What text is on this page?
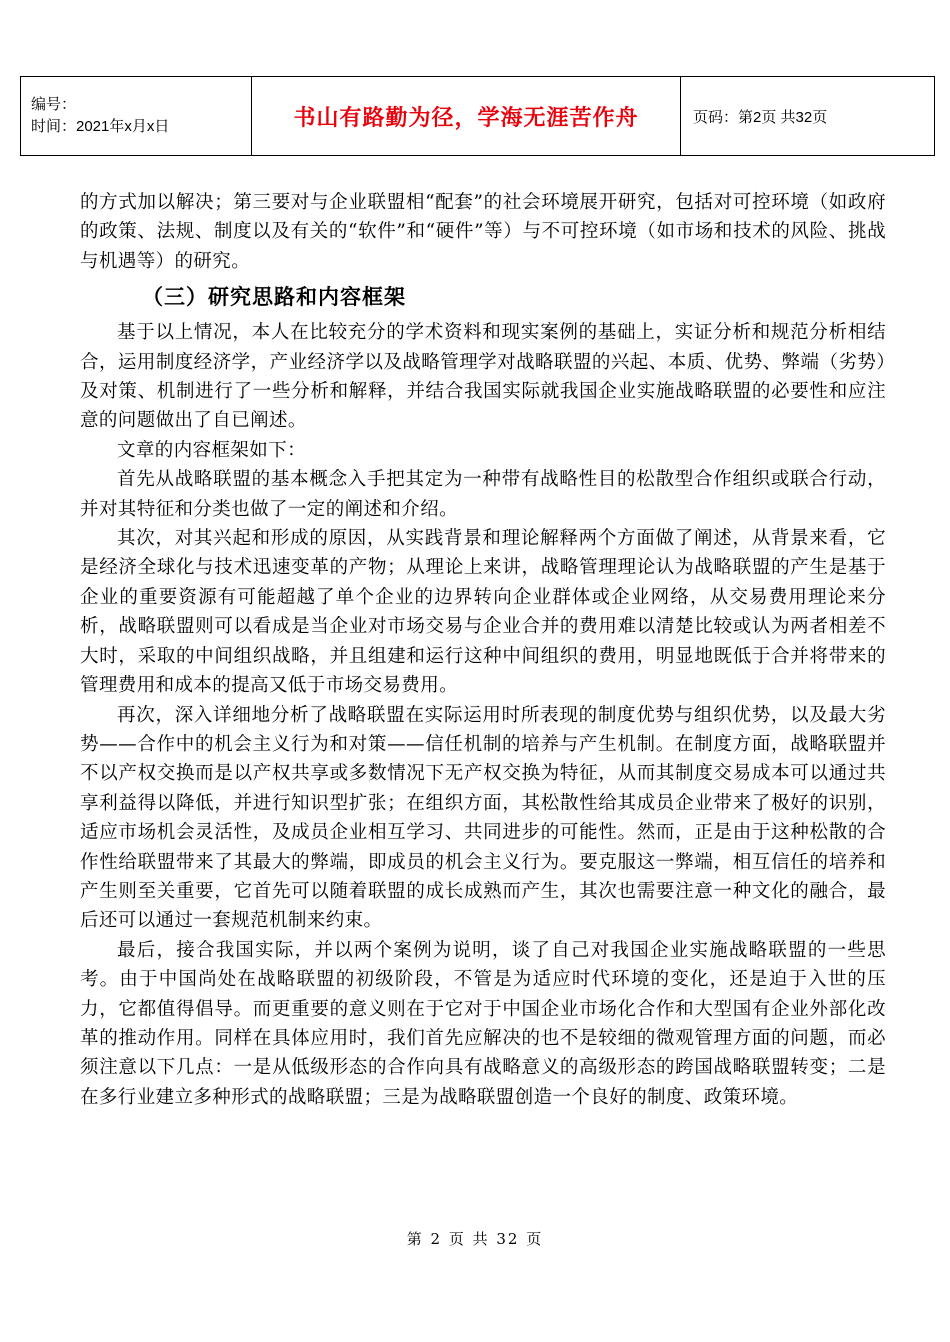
编号：
时间：2021年x月x日	书山有路勤为径，学海无涯苦作舟	页码：第2页 共32页

的方式加以解决；第三要对与企业联盟相“配套”的社会环境展开研究，包括对可控环境（如政府的政策、法规、制度以及有关的“软件”和“硬件”等）与不可控环境（如市场和技术的风险、挑战与机遇等）的研究。

（三）研究思路和内容框架

基于以上情况，本人在比较充分的学术资料和现实案例的基础上，实证分析和规范分析相结合，运用制度经济学，产业经济学以及战略管理学对战略联盟的兴起、本质、优势、弊端（劣势）及对策、机制进行了一些分析和解释，并结合我国实际就我国企业实施战略联盟的必要性和应注意的问题做出了自已阐述。

文章的内容框架如下：

首先从战略联盟的基本概念入手把其定为一种带有战略性目的松散型合作组织或联合行动，并对其特征和分类也做了一定的阐述和介绍。

其次，对其兴起和形成的原因，从实践背景和理论解释两个方面做了阐述，从背景来看，它是经济全球化与技术迅速变革的产物；从理论上来讲，战略管理理论认为战略联盟的产生是基于企业的重要资源有可能超越了单个企业的边界转向企业群体或企业网络，从交易费用理论来分析，战略联盟则可以看成是当企业对市场交易与企业合并的费用难以清楚比较或认为两者相差不大时，采取的中间组织战略，并且组建和运行这种中间组织的费用，明显地既低于合并将带来的管理费用和成本的提高又低于市场交易费用。

再次，深入详细地分析了战略联盟在实际运用时所表现的制度优势与组织优势，以及最大劣势——合作中的机会主义行为和对策——信任机制的培养与产生机制。在制度方面，战略联盟并不以产权交换而是以产权共享或多数情况下无产权交换为特征，从而其制度交易成本可以通过共享利益得以降低，并进行知识型扩张；在组织方面，其松散性给其成员企业带来了极好的识别，适应市场机会灵活性，及成员企业相互学习、共同进步的可能性。然而，正是由于这种松散的合作性给联盟带来了其最大的弊端，即成员的机会主义行为。要克服这一弊端，相互信任的培养和产生则至关重要，它首先可以随着联盟的成长成熟而产生，其次也需要注意一种文化的融合，最后还可以通过一套规范机制来约束。

最后，接合我国实际，并以两个案例为说明，谈了自己对我国企业实施战略联盟的一些思考。由于中国尚处在战略联盟的初级阶段，不管是为适应时代环境的变化，还是迫于入世的压力，它都值得倡导。而更重要的意义则在于它对于中国企业市场化合作和大型国有企业外部化改革的推动作用。同样在具体应用时，我们首先应解决的也不是较细的微观管理方面的问题，而必须注意以下几点：一是从低级形态的合作向具有战略意义的高级形态的跨国战略联盟转变；二是在多行业建立多种形式的战略联盟；三是为战略联盟创造一个良好的制度、政策环境。

第 2 页 共 32 页
